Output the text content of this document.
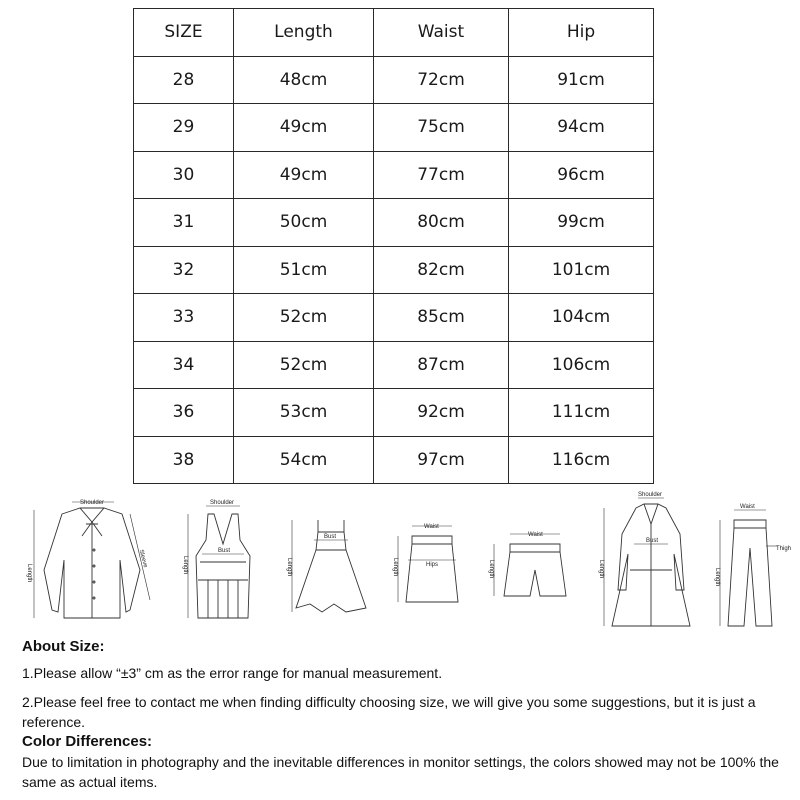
SIZE	Length	Waist	Hip
28	48cm	72cm	91cm
29	49cm	75cm	94cm
30	49cm	77cm	96cm
31	50cm	80cm	99cm
32	51cm	82cm	101cm
33	52cm	85cm	104cm
34	52cm	87cm	106cm
36	53cm	92cm	111cm
38	54cm	97cm	116cm
Shoulder
Length
Sleeve
Shoulder
Length
Bust
Bust
Length
Waist
Hips
Length
Waist
Length
Shoulder
Bust
Length
Waist
Thigh
Length

About Size:

1.Please allow “±3” cm as the error range for manual measurement.

2.Please feel free to contact me when finding difficulty choosing size, we will give you some suggestions, but it is just a reference.

Color Differences:

Due to limitation in photography and the inevitable differences in monitor settings, the colors showed may not be 100% the same as actual items.
